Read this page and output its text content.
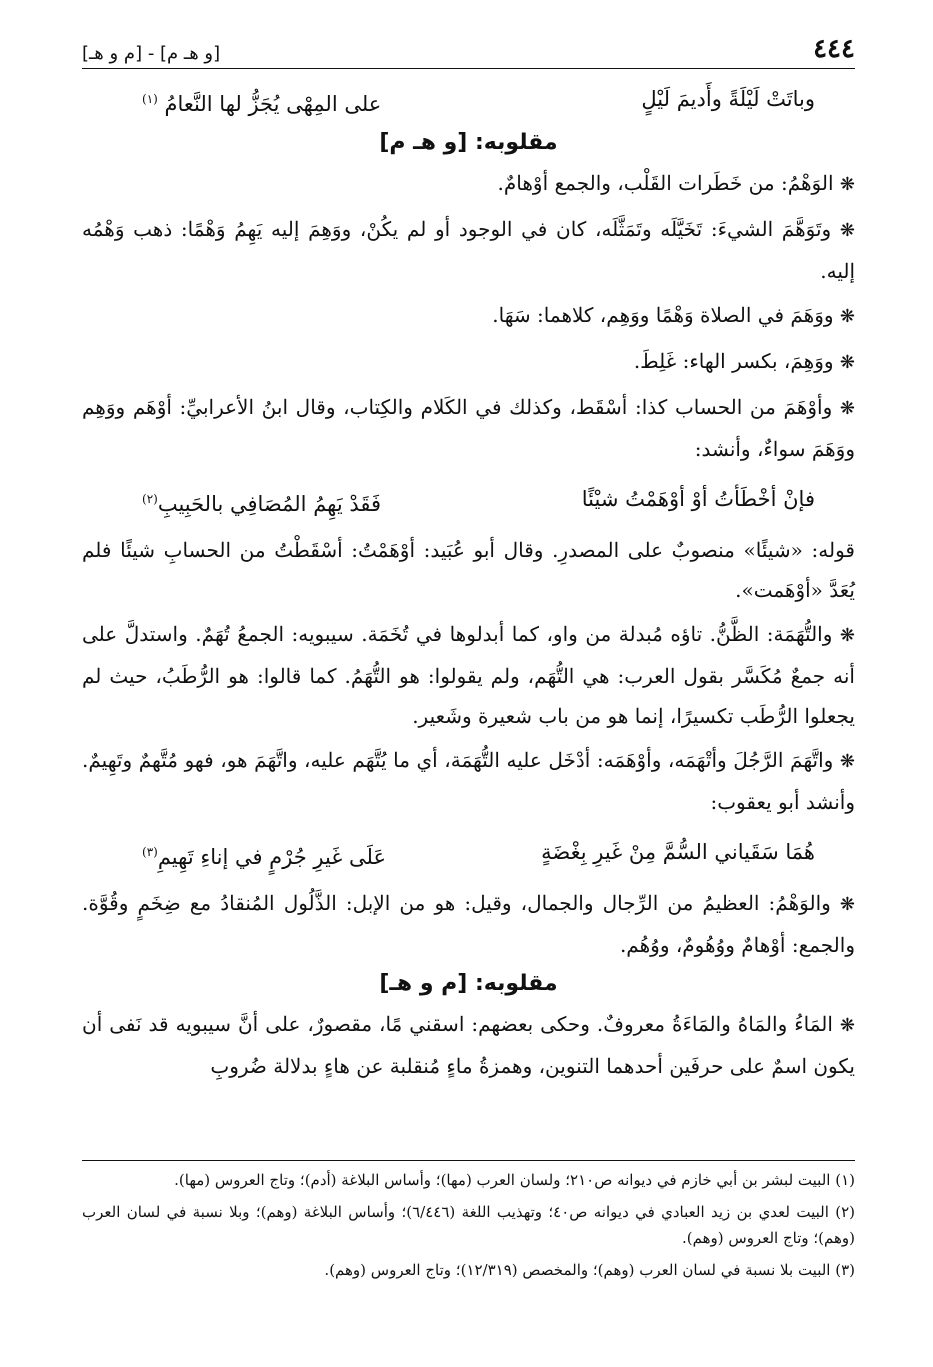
٤٤٤
[و هـ م] - [م و هـ]
وباتَتْ لَيْلَةً وأَديمَ لَيْلٍ
على المِهْى يُجَزُّ لها النَّعامُ $^{(١)}$
مقلوبه: [و هـ م]

❋ الوَهْمُ: من خَطَرات القَلْب، والجمع أوْهامٌ.

❋ وتَوَهَّمَ الشيءَ: تَخَيَّلَه وتَمَثَّلَه، كان في الوجود أو لم يكُنْ، ووَهِمَ إليه يَهِمُ وَهْمًا: ذهب وَهْمُه إليه.

❋ ووَهَمَ في الصلاة وَهْمًا ووَهِم، كلاهما: سَهَا.

❋ ووَهِمَ، بكسر الهاء: غَلِطَ.

❋ وأوْهَمَ من الحساب كذا: أسْقَط، وكذلك في الكَلام والكِتاب، وقال ابنُ الأعرابيِّ: أوْهَم ووَهِم ووَهَمَ سواءٌ، وأنشد:

فإنْ أخْطَأتُ أوْ أوْهَمْتُ شيْئًا
فَقَدْ يَهِمُ المُصَافِي بالحَبِيبِ$^{(٢)}$

قوله: «شيئًا» منصوبٌ على المصدرِ. وقال أبو عُبَيد: أوْهَمْتُ: أسْقَطْتُ من الحسابِ شيئًا فلم يُعَدَّ «أوْهَمت».

❋ والتُّهَمَة: الظَّنُّ. تاؤه مُبدلة من واو، كما أبدلوها في تُخَمَة. سيبويه: الجمعُ تُهَمٌ. واستدلَّ على أنه جمعٌ مُكَسَّر بقول العرب: هي التُّهَم، ولم يقولوا: هو التُّهَمُ. كما قالوا: هو الرُّطَبُ، حيث لم يجعلوا الرُّطَب تكسيرًا، إنما هو من باب شعيرة وشَعير.

❋ واتَّهَمَ الرَّجُلَ وأتْهَمَه، وأوْهَمَه: أدْخَل عليه التُّهَمَة، أي ما يُتَّهَم عليه، واتَّهَمَ هو، فهو مُتَّهمٌ وتَهِيمٌ. وأنشد أبو يعقوب:

هُمَا سَقَياني السُّمَّ مِنْ غَيرِ بِغْضَةٍ
عَلَى غَيرِ جُرْمٍ في إناءِ تَهِيمِ$^{(٣)}$

❋ والوَهْمُ: العظيمُ من الرِّجال والجمال، وقيل: هو من الإبل: الذَّلُول المُنقادُ مع ضِخَمٍ وقُوَّة. والجمع: أوْهامٌ ووُهُومٌ، ووُهُم.

مقلوبه: [م و هـ]

❋ المَاءُ والمَاهُ والمَاءَةُ معروفٌ. وحكى بعضهم: اسقني مًا، مقصورٌ، على أنَّ سيبويه قد نَفى أن يكون اسمٌ على حرفَين أحدهما التنوين، وهمزةُ ماءٍ مُنقلبة عن هاءٍ بدلالة ضُروبِ

(١) البيت لبشر بن أبي خازم في ديوانه ص٢١٠؛ ولسان العرب (مها)؛ وأساس البلاغة (أدم)؛ وتاج العروس (مها).

(٢) البيت لعدي بن زيد العبادي في ديوانه ص٤٠؛ وتهذيب اللغة (٦/٤٤٦)؛ وأساس البلاغة (وهم)؛ وبلا نسبة في لسان العرب (وهم)؛ وتاج العروس (وهم).

(٣) البيت بلا نسبة في لسان العرب (وهم)؛ والمخصص (١٢/٣١٩)؛ وتاج العروس (وهم).
